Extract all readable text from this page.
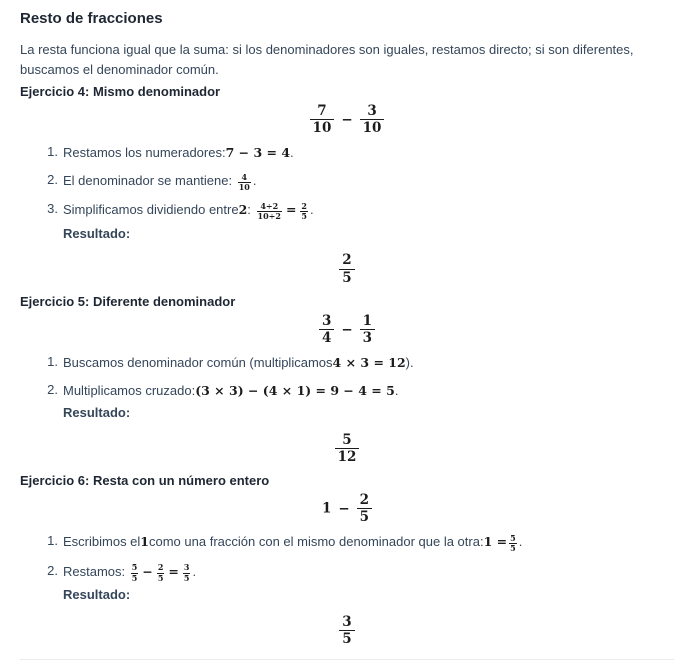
Resto de fracciones

La resta funciona igual que la suma: si los denominadores son iguales, restamos directo; si son diferentes, buscamos el denominador común.

Ejercicio 4: Mismo denominador
$\frac{7}{10} - \frac{3}{10}$
1. Restamos los numeradores:7 − 3 = 4.
2. El denominador se mantiene: $\frac{4}{10}$ .
3. Simplificamos dividiendo entre2: $\frac{4\div 2}{10\div 2} = \frac{2}{5}$ .
Resultado:
$\frac{2}{5}$
Ejercicio 5: Diferente denominador
$\frac{3}{4} - \frac{1}{3}$
1. Buscamos denominador común (multiplicamos4 × 3 = 12).
2. Multiplicamos cruzado:(3 × 3) − (4 × 1) = 9 − 4 = 5.
Resultado:
$\frac{5}{12}$
Ejercicio 6: Resta con un número entero
$1 - \frac{2}{5}$
1. Escribimos el1como una fracción con el mismo denominador que la otra:1 = $\frac{5}{5}$ .
2. Restamos: $\frac{5}{5} - \frac{2}{5} = \frac{3}{5}$ .
Resultado:
$\frac{3}{5}$
